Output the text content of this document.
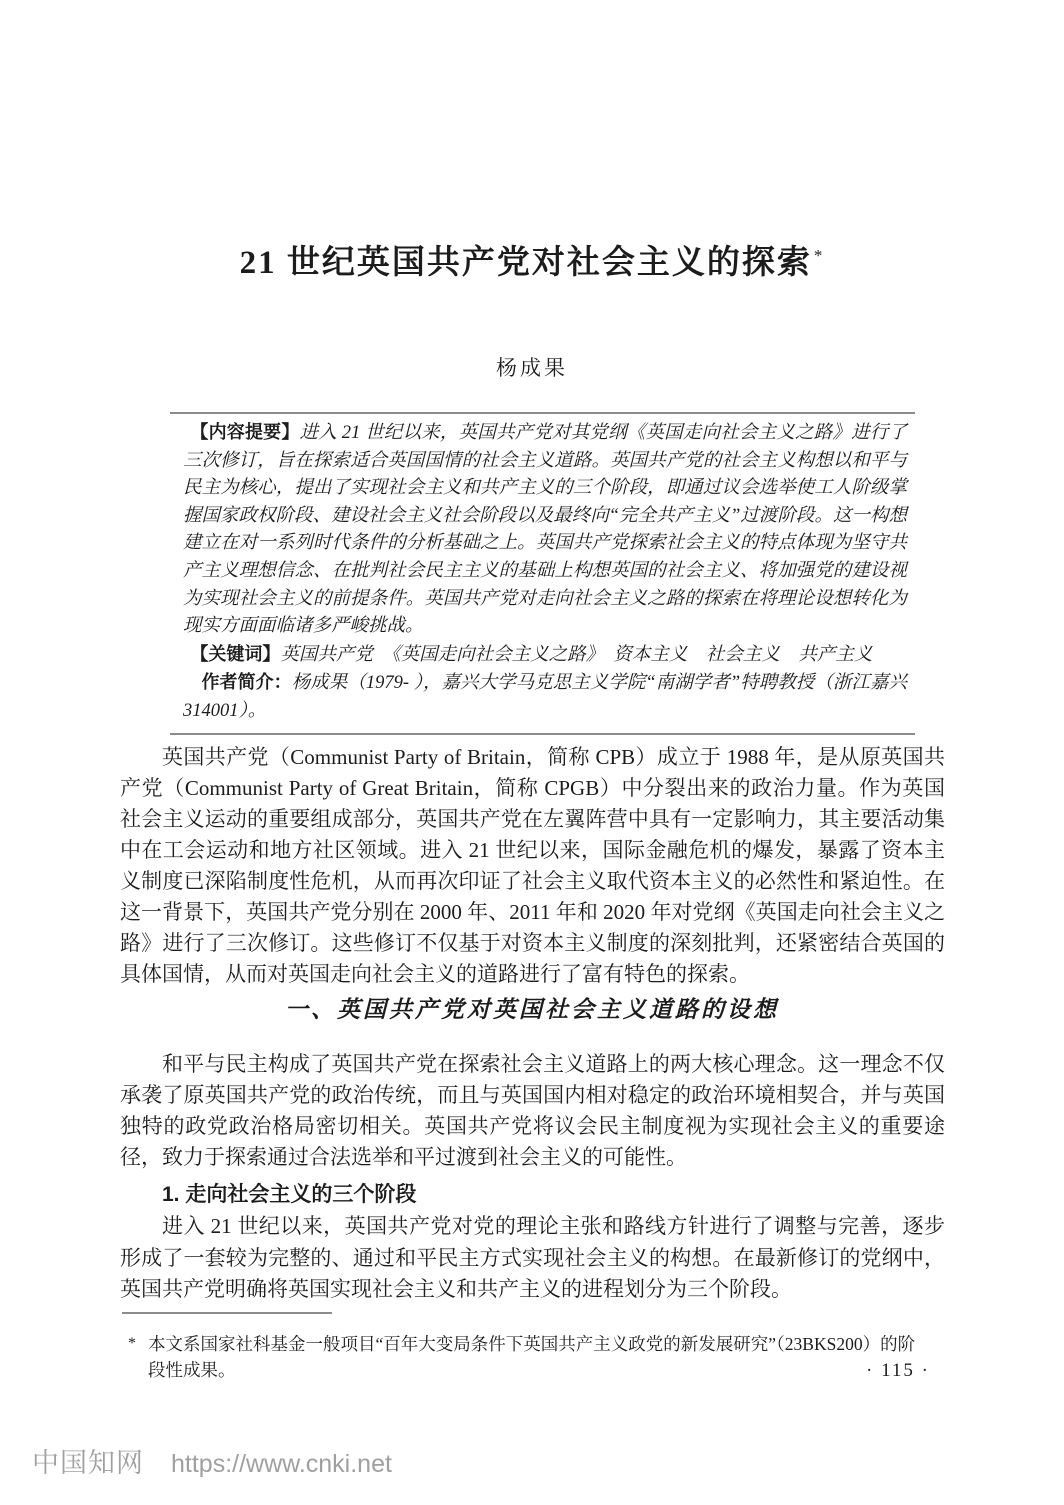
21 世纪英国共产党对社会主义的探索 *
杨成果

【内容提要】进入 21 世纪以来，英国共产党对其党纲《英国走向社会主义之路》进行了三次修订，旨在探索适合英国国情的社会主义道路。英国共产党的社会主义构想以和平与民主为核心，提出了实现社会主义和共产主义的三个阶段，即通过议会选举使工人阶级掌握国家政权阶段、建设社会主义社会阶段以及最终向“完全共产主义”过渡阶段。这一构想建立在对一系列时代条件的分析基础之上。英国共产党探索社会主义的特点体现为坚守共产主义理想信念、在批判社会民主主义的基础上构想英国的社会主义、将加强党的建设视为实现社会主义的前提条件。英国共产党对走向社会主义之路的探索在将理论设想转化为现实方面面临诸多严峻挑战。

【关键词】英国共产党　《英国走向社会主义之路》　资本主义　社会主义　共产主义

作者简介：杨成果（1979- ），嘉兴大学马克思主义学院“南湖学者”特聘教授（浙江嘉兴 314001）。

英国共产党（Communist Party of Britain，简称 CPB）成立于 1988 年，是从原英国共产党（Communist Party of Great Britain，简称 CPGB）中分裂出来的政治力量。作为英国社会主义运动的重要组成部分，英国共产党在左翼阵营中具有一定影响力，其主要活动集中在工会运动和地方社区领域。进入 21 世纪以来，国际金融危机的爆发，暴露了资本主义制度已深陷制度性危机，从而再次印证了社会主义取代资本主义的必然性和紧迫性。在这一背景下，英国共产党分别在 2000 年、2011 年和 2020 年对党纲《英国走向社会主义之路》进行了三次修订。这些修订不仅基于对资本主义制度的深刻批判，还紧密结合英国的具体国情，从而对英国走向社会主义的道路进行了富有特色的探索。

一、英国共产党对英国社会主义道路的设想

和平与民主构成了英国共产党在探索社会主义道路上的两大核心理念。这一理念不仅承袭了原英国共产党的政治传统，而且与英国国内相对稳定的政治环境相契合，并与英国独特的政党政治格局密切相关。英国共产党将议会民主制度视为实现社会主义的重要途径，致力于探索通过合法选举和平过渡到社会主义的可能性。

1. 走向社会主义的三个阶段

进入 21 世纪以来，英国共产党对党的理论主张和路线方针进行了调整与完善，逐步形成了一套较为完整的、通过和平民主方式实现社会主义的构想。在最新修订的党纲中，英国共产党明确将英国实现社会主义和共产主义的进程划分为三个阶段。

* 本文系国家社科基金一般项目“百年大变局条件下英国共产主义政党的新发展研究”（23BKS200）的阶段性成果。	· 115 ·
中国知网 https://www.cnki.net
